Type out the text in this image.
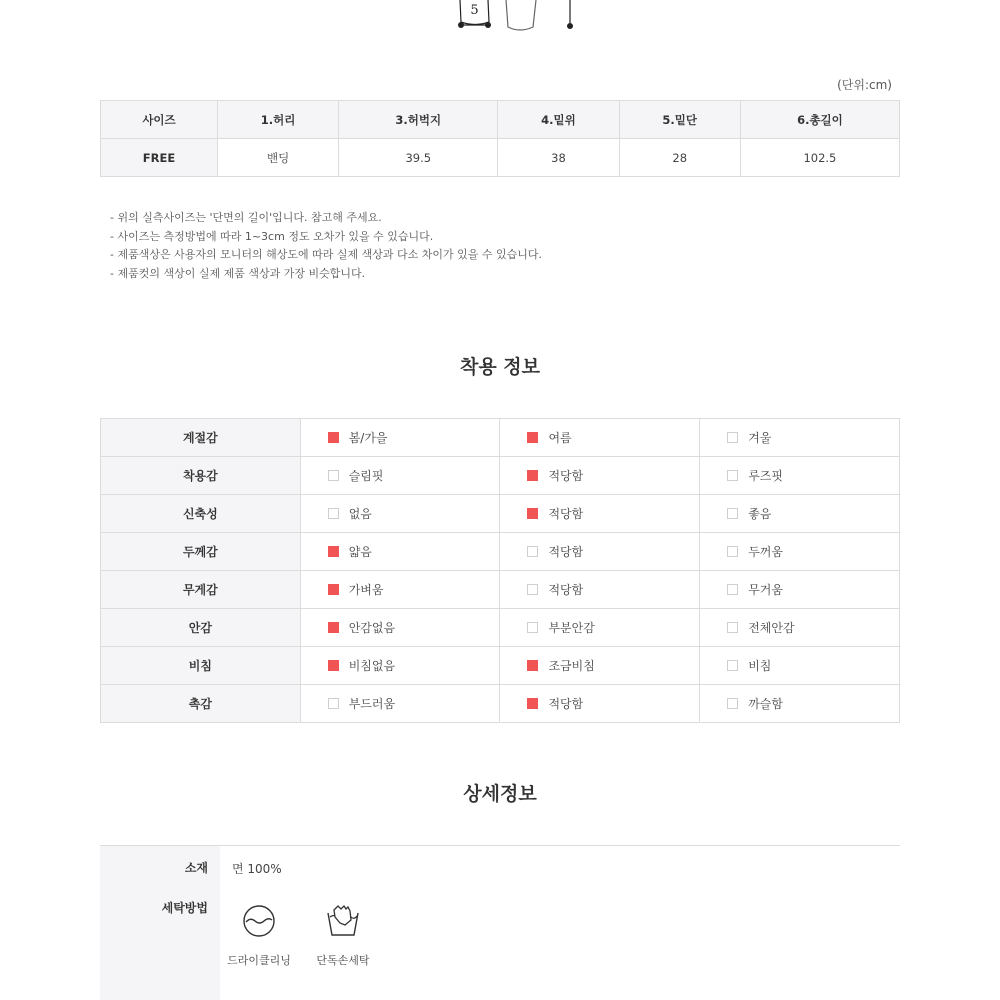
5
(단위:cm)
사이즈	1.허리	3.허벅지	4.밑위	5.밑단	6.총길이
FREE	밴딩	39.5	38	28	102.5
- 위의 실측사이즈는 '단면의 길이'입니다. 참고해 주세요.
- 사이즈는 측정방법에 따라 1~3cm 정도 오차가 있을 수 있습니다.
- 제품색상은 사용자의 모니터의 해상도에 따라 실제 색상과 다소 차이가 있을 수 있습니다.
- 제품컷의 색상이 실제 제품 색상과 가장 비슷합니다.
착용 정보
계절감	봄/가을	여름	겨울
착용감	슬림핏	적당함	루즈핏
신축성	없음	적당함	좋음
두께감	얇음	적당함	두꺼움
무게감	가벼움	적당함	무거움
안감	안감없음	부분안감	전체안감
비침	비침없음	조금비침	비침
촉감	부드러움	적당함	까슬함
상세정보
소재 면 100%
세탁방법
드라이클리닝	단독손세탁
